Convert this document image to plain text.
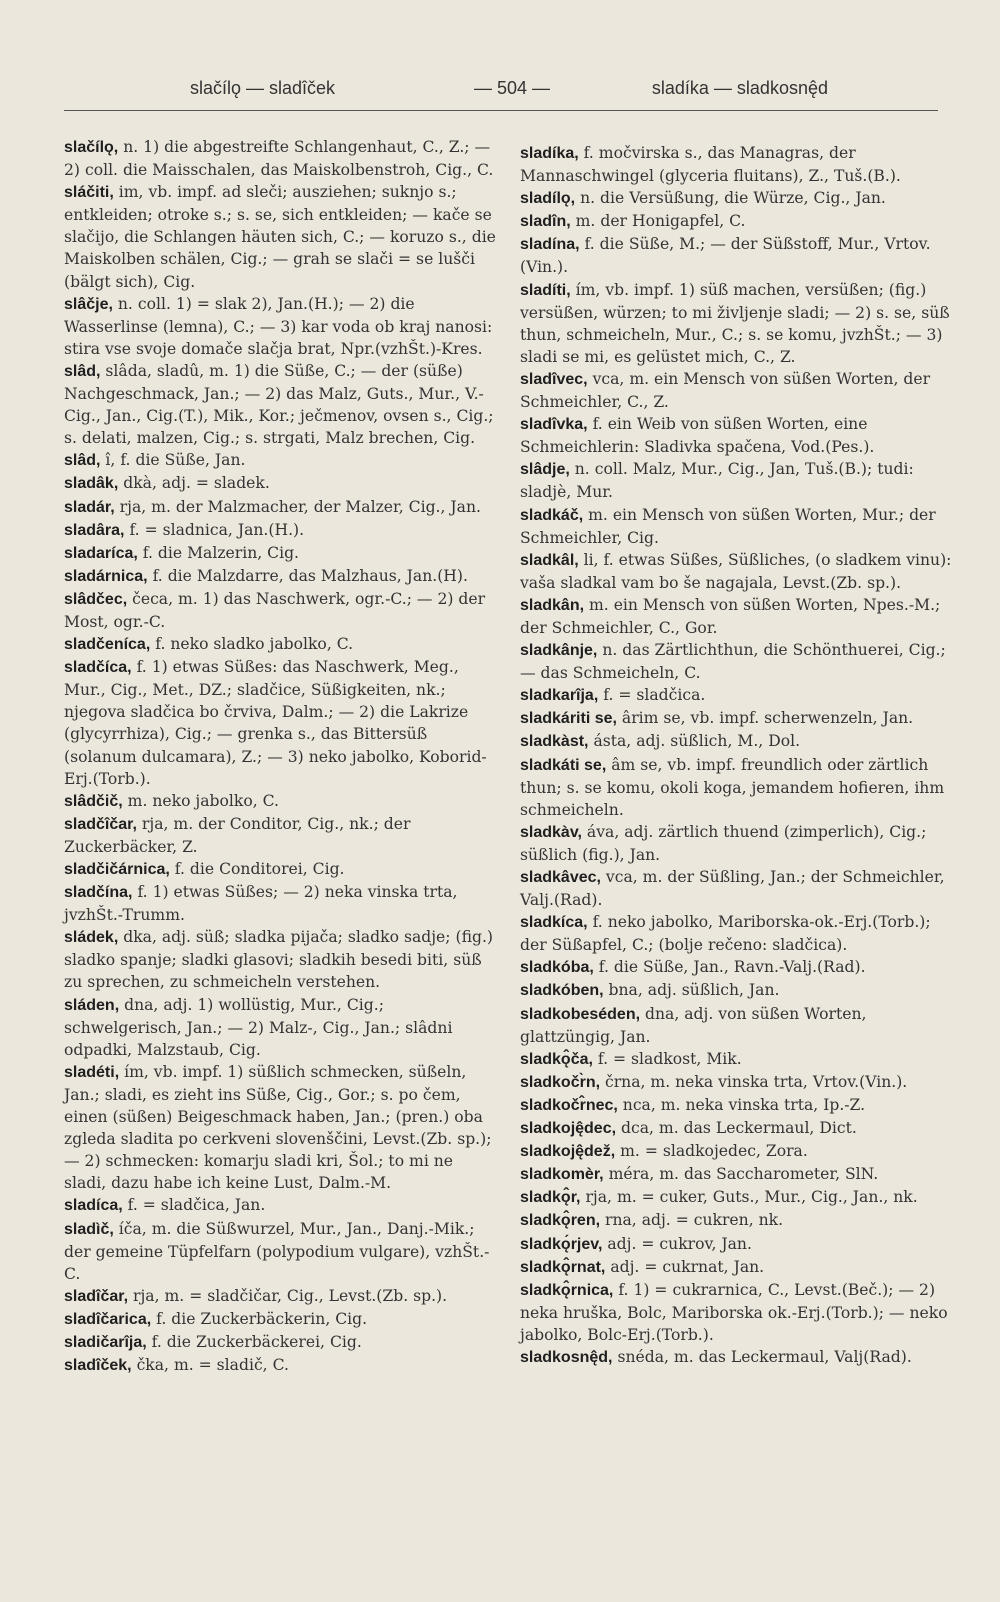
slačílǫ — sladîček	— 504 —	sladíka — sladkosnę̂d

slačílǫ, n. 1) die abgestreifte Schlangenhaut, C., Z.; — 2) coll. die Maisschalen, das Maiskolbenstroh, Cig., C.

sláčiti, im, vb. impf. ad sleči; ausziehen; suknjo s.; entkleiden; otroke s.; s. se, sich entkleiden; — kače se slačijo, die Schlangen häuten sich, C.; — koruzo s., die Maiskolben schälen, Cig.; — grah se slači = se lušči (bälgt sich), Cig.

slâčje, n. coll. 1) = slak 2), Jan.(H.); — 2) die Wasserlinse (lemna), C.; — 3) kar voda ob kraj nanosi: stira vse svoje domače slačja brat, Npr.(vzhŠt.)-Kres.

slâd, slâda, sladû, m. 1) die Süße, C.; — der (süße) Nachgeschmack, Jan.; — 2) das Malz, Guts., Mur., V.-Cig., Jan., Cig.(T.), Mik., Kor.; ječmenov, ovsen s., Cig.; s. delati, malzen, Cig.; s. strgati, Malz brechen, Cig.

slâd, î, f. die Süße, Jan.

sladâk, dkà, adj. = sladek.

sladár, rja, m. der Malzmacher, der Malzer, Cig., Jan.

sladâra, f. = sladnica, Jan.(H.).

sladaríca, f. die Malzerin, Cig.

sladárnica, f. die Malzdarre, das Malzhaus, Jan.(H).

slâdčec, čeca, m. 1) das Naschwerk, ogr.-C.; — 2) der Most, ogr.-C.

sladčeníca, f. neko sladko jabolko, C.

sladčíca, f. 1) etwas Süßes: das Naschwerk, Meg., Mur., Cig., Met., DZ.; sladčice, Süßigkeiten, nk.; njegova sladčica bo črviva, Dalm.; — 2) die Lakrize (glycyrrhiza), Cig.; — grenka s., das Bittersüß (solanum dulcamara), Z.; — 3) neko jabolko, Koborid-Erj.(Torb.).

slâdčič, m. neko jabolko, C.

sladčîčar, rja, m. der Conditor, Cig., nk.; der Zuckerbäcker, Z.

sladčičárnica, f. die Conditorei, Cig.

sladčína, f. 1) etwas Süßes; — 2) neka vinska trta, jvzhŠt.-Trumm.

sládek, dka, adj. süß; sladka pijača; sladko sadje; (fig.) sladko spanje; sladki glasovi; sladkih besedi biti, süß zu sprechen, zu schmeicheln verstehen.

sláden, dna, adj. 1) wollüstig, Mur., Cig.; schwelgerisch, Jan.; — 2) Malz-, Cig., Jan.; slâdni odpadki, Malzstaub, Cig.

sladéti, ím, vb. impf. 1) süßlich schmecken, süßeln, Jan.; sladi, es zieht ins Süße, Cig., Gor.; s. po čem, einen (süßen) Beigeschmack haben, Jan.; (pren.) oba zgleda sladita po cerkveni slovenščini, Levst.(Zb. sp.); — 2) schmecken: komarju sladi kri, Šol.; to mi ne sladi, dazu habe ich keine Lust, Dalm.-M.

sladíca, f. = sladčica, Jan.

sladìč, íča, m. die Süßwurzel, Mur., Jan., Danj.-Mik.; der gemeine Tüpfelfarn (polypodium vulgare), vzhŠt.-C.

sladîčar, rja, m. = sladčičar, Cig., Levst.(Zb. sp.).

sladîčarica, f. die Zuckerbäckerin, Cig.

sladičarîja, f. die Zuckerbäckerei, Cig.

sladîček, čka, m. = sladič, C.

sladíka, f. močvirska s., das Managras, der Mannaschwingel (glyceria fluitans), Z., Tuš.(B.).

sladílǫ, n. die Versüßung, die Würze, Cig., Jan.

sladîn, m. der Honigapfel, C.

sladína, f. die Süße, M.; — der Süßstoff, Mur., Vrtov.(Vin.).

sladíti, ím, vb. impf. 1) süß machen, versüßen; (fig.) versüßen, würzen; to mi življenje sladi; — 2) s. se, süß thun, schmeicheln, Mur., C.; s. se komu, jvzhŠt.; — 3) sladi se mi, es gelüstet mich, C., Z.

sladîvec, vca, m. ein Mensch von süßen Worten, der Schmeichler, C., Z.

sladîvka, f. ein Weib von süßen Worten, eine Schmeichlerin: Sladivka spačena, Vod.(Pes.).

slâdje, n. coll. Malz, Mur., Cig., Jan, Tuš.(B.); tudi: sladjè, Mur.

sladkáč, m. ein Mensch von süßen Worten, Mur.; der Schmeichler, Cig.

sladkâl, li, f. etwas Süßes, Süßliches, (o sladkem vinu): vaša sladkal vam bo še nagajala, Levst.(Zb. sp.).

sladkân, m. ein Mensch von süßen Worten, Npes.-M.; der Schmeichler, C., Gor.

sladkânje, n. das Zärtlichthun, die Schönthuerei, Cig.; — das Schmeicheln, C.

sladkarîja, f. = sladčica.

sladkáriti se, ârim se, vb. impf. scherwenzeln, Jan.

sladkàst, ásta, adj. süßlich, M., Dol.

sladkáti se, âm se, vb. impf. freundlich oder zärtlich thun; s. se komu, okoli koga, jemandem hofieren, ihm schmeicheln.

sladkàv, áva, adj. zärtlich thuend (zimperlich), Cig.; süßlich (fig.), Jan.

sladkâvec, vca, m. der Süßling, Jan.; der Schmeichler, Valj.(Rad).

sladkíca, f. neko jabolko, Mariborska-ok.-Erj.(Torb.); der Süßapfel, C.; (bolje rečeno: sladčica).

sladkóba, f. die Süße, Jan., Ravn.-Valj.(Rad).

sladkóben, bna, adj. süßlich, Jan.

sladkobeséden, dna, adj. von süßen Worten, glattzüngig, Jan.

sladkǫ̂ča, f. = sladkost, Mik.

sladkočr̀n, črna, m. neka vinska trta, Vrtov.(Vin.).

sladkočr̂nec, nca, m. neka vinska trta, Ip.-Z.

sladkoję̂dec, dca, m. das Leckermaul, Dict.

sladkoję̂dež, m. = sladkojedec, Zora.

sladkomèr, méra, m. das Saccharometer, SlN.

sladkǫ̂r, rja, m. = cuker, Guts., Mur., Cig., Jan., nk.

sladkǫ̂ren, rna, adj. = cukren, nk.

sladkǫ́rjev, adj. = cukrov, Jan.

sladkǫ̂rnat, adj. = cukrnat, Jan.

sladkǫ̂rnica, f. 1) = cukrarnica, C., Levst.(Beč.); — 2) neka hruška, Bolc, Mariborska ok.-Erj.(Torb.); — neko jabolko, Bolc-Erj.(Torb.).

sladkosnę̂d, snéda, m. das Leckermaul, Valj(Rad).
